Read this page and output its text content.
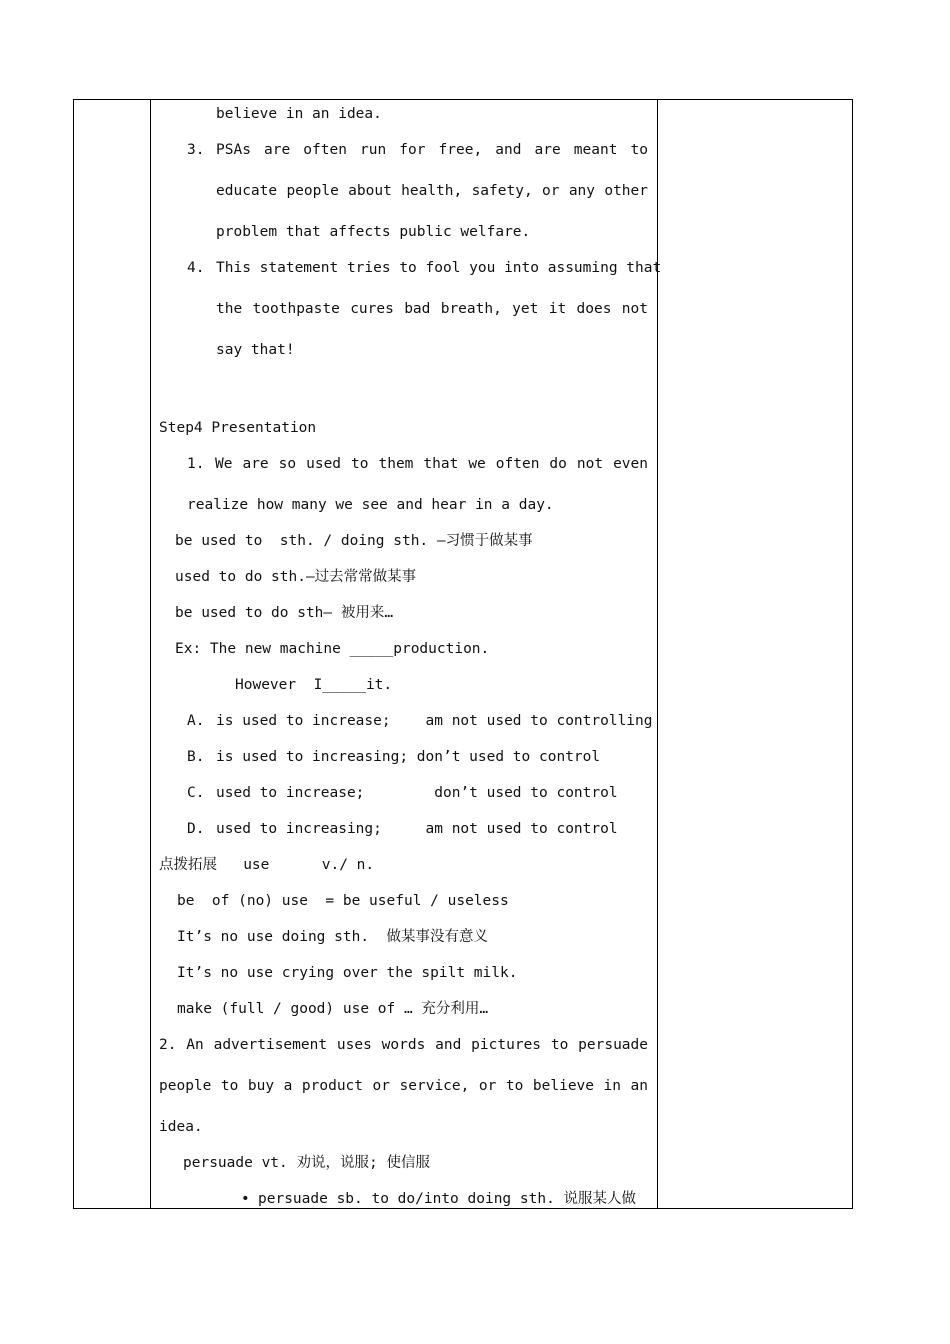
believe in an idea.
3. PSAs are often run for free, and are meant to
educate people about health, safety, or any other
problem that affects public welfare.
4. This statement tries to fool you into assuming that
the toothpaste cures bad breath, yet it does not
say that!
Step4 Presentation
1. We are so used to them that we often do not even
realize how many we see and hear in a day.
be used to  sth. / doing sth. —习惯于做某事
used to do sth.—过去常常做某事
be used to do sth— 被用来…
Ex: The new machine _____production.
However  I_____it.
A. is used to increase;    am not used to controlling
B. is used to increasing; don’t used to control
C. used to increase;        don’t used to control
D. used to increasing;     am not used to control
点拨拓展   use      v./ n.
be  of (no) use  = be useful / useless
It’s no use doing sth.  做某事没有意义
It’s no use crying over the spilt milk.
make (full / good) use of … 充分利用…
2. An advertisement uses words and pictures to persuade
people to buy a product or service, or to believe in an
idea.
persuade vt. 劝说，说服; 使信服
• persuade sb. to do/into doing sth. 说服某人做
